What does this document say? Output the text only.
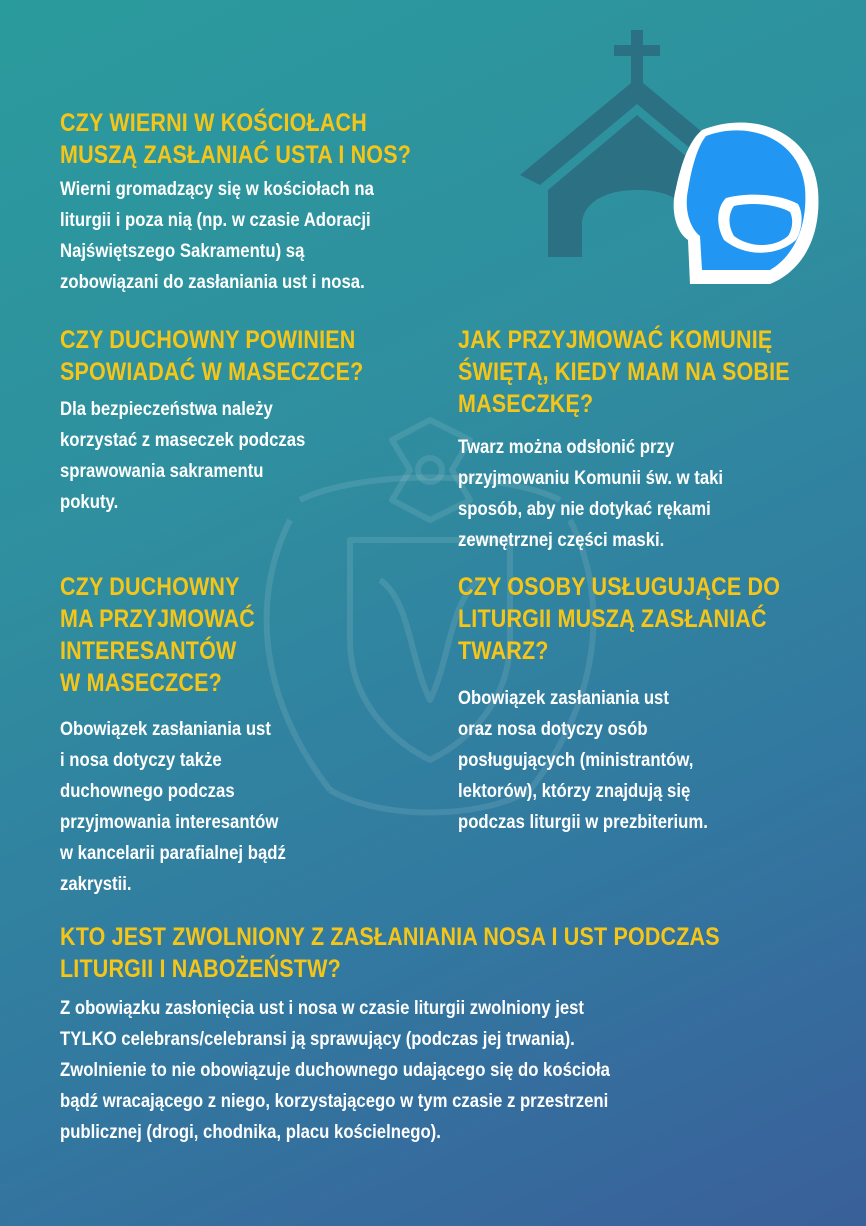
CZY WIERNI W KOŚCIOŁACH
MUSZĄ ZASŁANIAĆ USTA I NOS?
Wierni gromadzący się w kościołach na
liturgii i poza nią (np. w czasie Adoracji
Najświętszego Sakramentu) są
zobowiązani do zasłaniania ust i nosa.
CZY DUCHOWNY POWINIEN
SPOWIADAĆ W MASECZCE?
Dla bezpieczeństwa należy
korzystać z maseczek podczas
sprawowania sakramentu
pokuty.
JAK PRZYJMOWAĆ KOMUNIĘ
ŚWIĘTĄ, KIEDY MAM NA SOBIE
MASECZKĘ?
Twarz można odsłonić przy
przyjmowaniu Komunii św. w taki
sposób, aby nie dotykać rękami
zewnętrznej części maski.
CZY DUCHOWNY
MA PRZYJMOWAĆ
INTERESANTÓW
W MASECZCE?
Obowiązek zasłaniania ust
i nosa dotyczy także
duchownego podczas
przyjmowania interesantów
w kancelarii parafialnej bądź
zakrystii.
CZY OSOBY USŁUGUJĄCE DO
LITURGII MUSZĄ ZASŁANIAĆ
TWARZ?
Obowiązek zasłaniania ust
oraz nosa dotyczy osób
posługujących (ministrantów,
lektorów), którzy znajdują się
podczas liturgii w prezbiterium.
KTO JEST ZWOLNIONY Z ZASŁANIANIA NOSA I UST PODCZAS
LITURGII I NABOŻEŃSTW?
Z obowiązku zasłonięcia ust i nosa w czasie liturgii zwolniony jest
TYLKO celebrans/celebransi ją sprawujący (podczas jej trwania).
Zwolnienie to nie obowiązuje duchownego udającego się do kościoła
bądź wracającego z niego, korzystającego w tym czasie z przestrzeni
publicznej (drogi, chodnika, placu kościelnego).
